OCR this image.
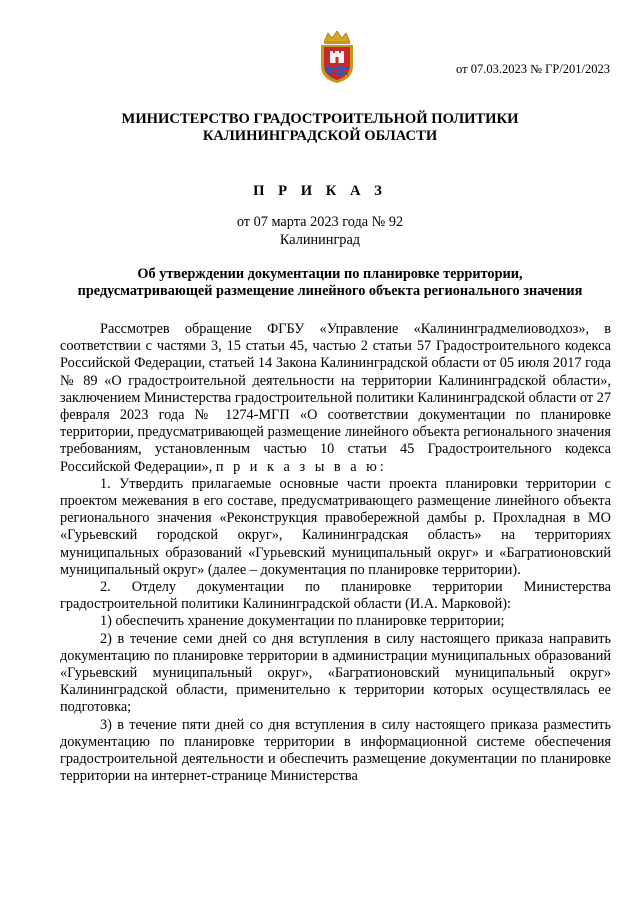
от 07.03.2023 № ГР/201/2023
МИНИСТЕРСТВО ГРАДОСТРОИТЕЛЬНОЙ ПОЛИТИКИ
КАЛИНИНГРАДСКОЙ ОБЛАСТИ
П Р И К А З
от 07 марта 2023 года № 92
Калининград
Об утверждении документации по планировке территории,
предусматривающей размещение линейного объекта регионального значения

Рассмотрев обращение ФГБУ «Управление «Калининградмелиоводхоз», в соответствии с частями 3, 15 статьи 45, частью 2 статьи 57 Градостроительного кодекса Российской Федерации, статьей 14 Закона Калининградской области от 05 июля 2017 года № 89 «О градостроительной деятельности на территории Калининградской области», заключением Министерства градостроительной политики Калининградской области от 27 февраля 2023 года № 1274-МГП «О соответствии документации по планировке территории, предусматривающей размещение линейного объекта регионального значения требованиям, установленным частью 10 статьи 45 Градостроительного кодекса Российской Федерации», п р и к а з ы в а ю:

1. Утвердить прилагаемые основные части проекта планировки территории с проектом межевания в его составе, предусматривающего размещение линейного объекта регионального значения «Реконструкция правобережной дамбы р. Прохладная в МО «Гурьевский городской округ», Калининградская область» на территориях муниципальных образований «Гурьевский муниципальный округ» и «Багратионовский муниципальный округ» (далее – документация по планировке территории).

2. Отделу документации по планировке территории Министерства градостроительной политики Калининградской области (И.А. Марковой):

1) обеспечить хранение документации по планировке территории;

2) в течение семи дней со дня вступления в силу настоящего приказа направить документацию по планировке территории в администрации муниципальных образований «Гурьевский муниципальный округ», «Багратионовский муниципальный округ» Калининградской области, применительно к территории которых осуществлялась ее подготовка;

3) в течение пяти дней со дня вступления в силу настоящего приказа разместить документацию по планировке территории в информационной системе обеспечения градостроительной деятельности и обеспечить размещение документации по планировке территории на интернет-странице Министерства
